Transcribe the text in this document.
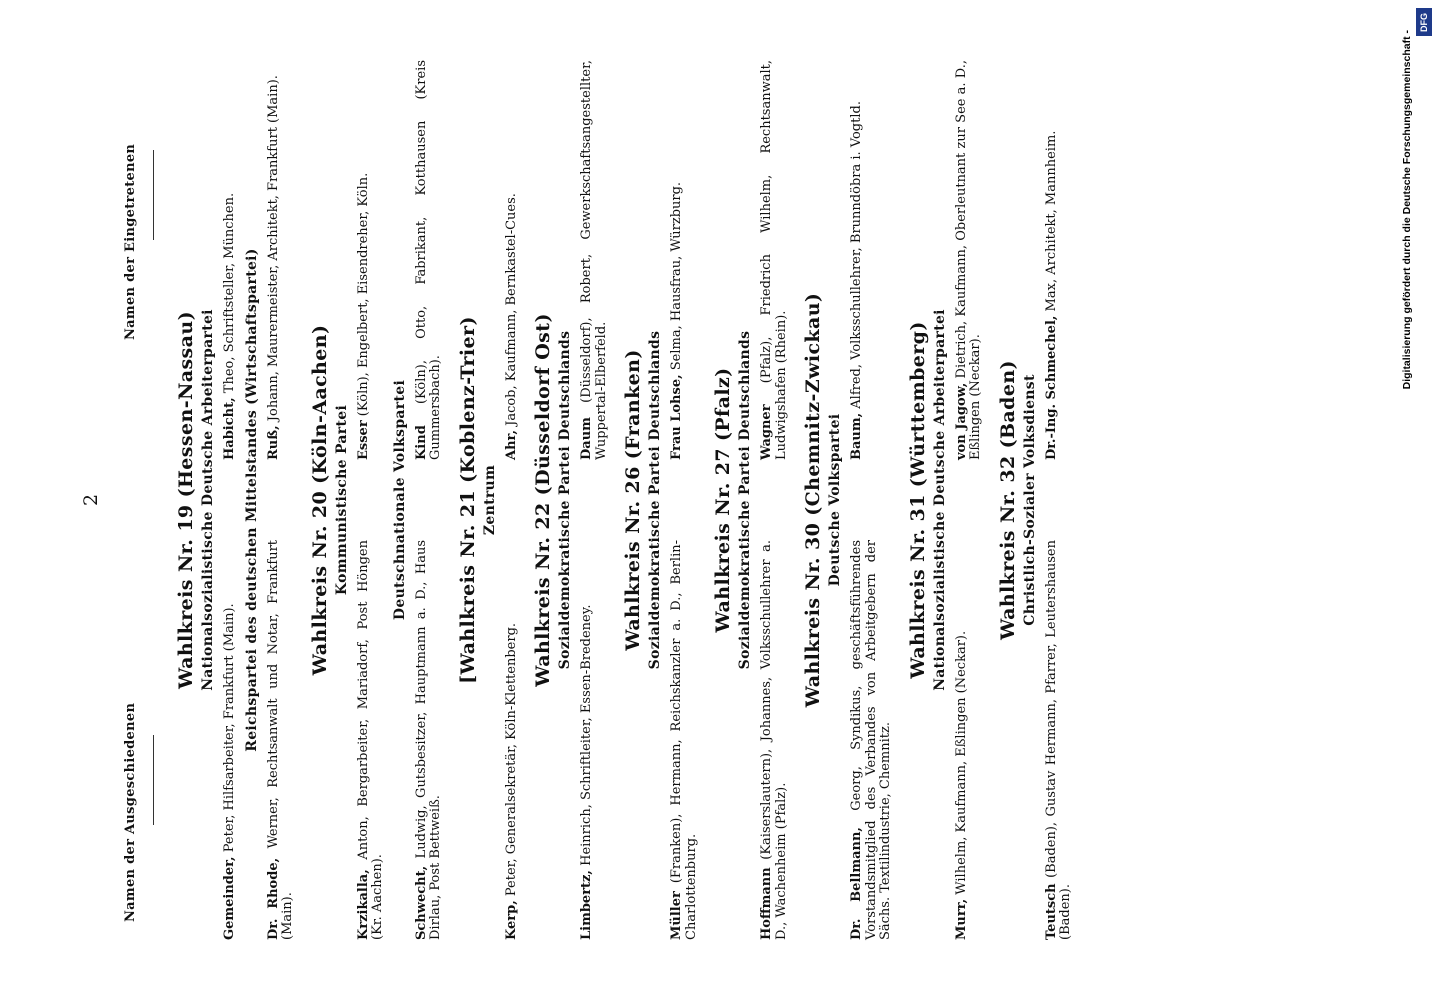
2
Namen der Ausgeschiedenen
Namen der Eingetretenen
Wahlkreis Nr. 19 (Hessen-Nassau) Nationalsozialistische Deutsche Arbeiterpartei
Gemeinder, Peter, Hilfsarbeiter, Frankfurt (Main).
Habicht, Theo, Schriftsteller, München. Reichspartei des deutschen Mittelstandes (Wirtschaftspartei)
Dr. Rhode, Werner, Rechtsanwalt und Notar, Frankfurt (Main).
Ruß, Johann, Maurermeister, Architekt, Frankfurt (Main).
Wahlkreis Nr. 20 (Köln-Aachen) Kommunistische Partei
Krzikalla, Anton, Bergarbeiter, Mariadorf, Post Höngen (Kr. Aachen).
Esser (Köln), Engelbert, Eisendreher, Köln.
Deutschnationale Volkspartei
Schwecht, Ludwig, Gutsbesitzer, Hauptmann a. D., Haus Dirlau, Post Bettweiß.
Kind (Köln), Otto, Fabrikant, Kotthausen (Kreis Gummersbach). [Wahlkreis Nr. 21 (Koblenz-Trier) Zentrum
Kerp, Peter, Generalsekretär, Köln-Klettenberg.
Ahr, Jacob, Kaufmann, Bernkastel-Cues.
Wahlkreis Nr. 22 (Düsseldorf Ost) Sozialdemokratische Partei Deutschlands
Limbertz, Heinrich, Schriftleiter, Essen-Bredeney.
Daum (Düsseldorf), Robert, Gewerkschaftsangestellter, Wuppertal-Elberfeld. Wahlkreis Nr. 26 (Franken) Sozialdemokratische Partei Deutschlands
Müller (Franken), Hermann, Reichskanzler a. D., Berlin-Charlottenburg.
Frau Lohse, Selma, Hausfrau, Würzburg.
Wahlkreis Nr. 27 (Pfalz) Sozialdemokratische Partei Deutschlands
Hoffmann (Kaiserslautern), Johannes, Volksschullehrer a. D., Wachenheim (Pfalz).
Wagner (Pfalz), Friedrich Wilhelm, Rechtsanwalt, Ludwigshafen (Rhein). Wahlkreis Nr. 30 (Chemnitz-Zwickau) Deutsche Volkspartei
Dr. Bellmann, Georg, Syndikus, geschäftsführendes Vorstandsmitglied des Verbandes von Arbeitgebern der Sächs. Textilindustrie, Chemnitz.
Baum, Alfred, Volksschullehrer, Brunndöbra i. Vogtld.
Wahlkreis Nr. 31 (Württemberg) Nationalsozialistische Deutsche Arbeiterpartei
Murr, Wilhelm, Kaufmann, Eßlingen (Neckar).
von Jagow, Dietrich, Kaufmann, Oberleutnant zur See a. D., Eßlingen (Neckar). Wahlkreis Nr. 32 (Baden) Christlich-Sozialer Volksdienst
Teutsch (Baden), Gustav Hermann, Pfarrer, Leutershausen (Baden).
Dr.-Ing. Schmechel, Max, Architekt, Mannheim.
DFG
Digitalisierung gefördert durch die Deutsche Forschungsgemeinschaft -
